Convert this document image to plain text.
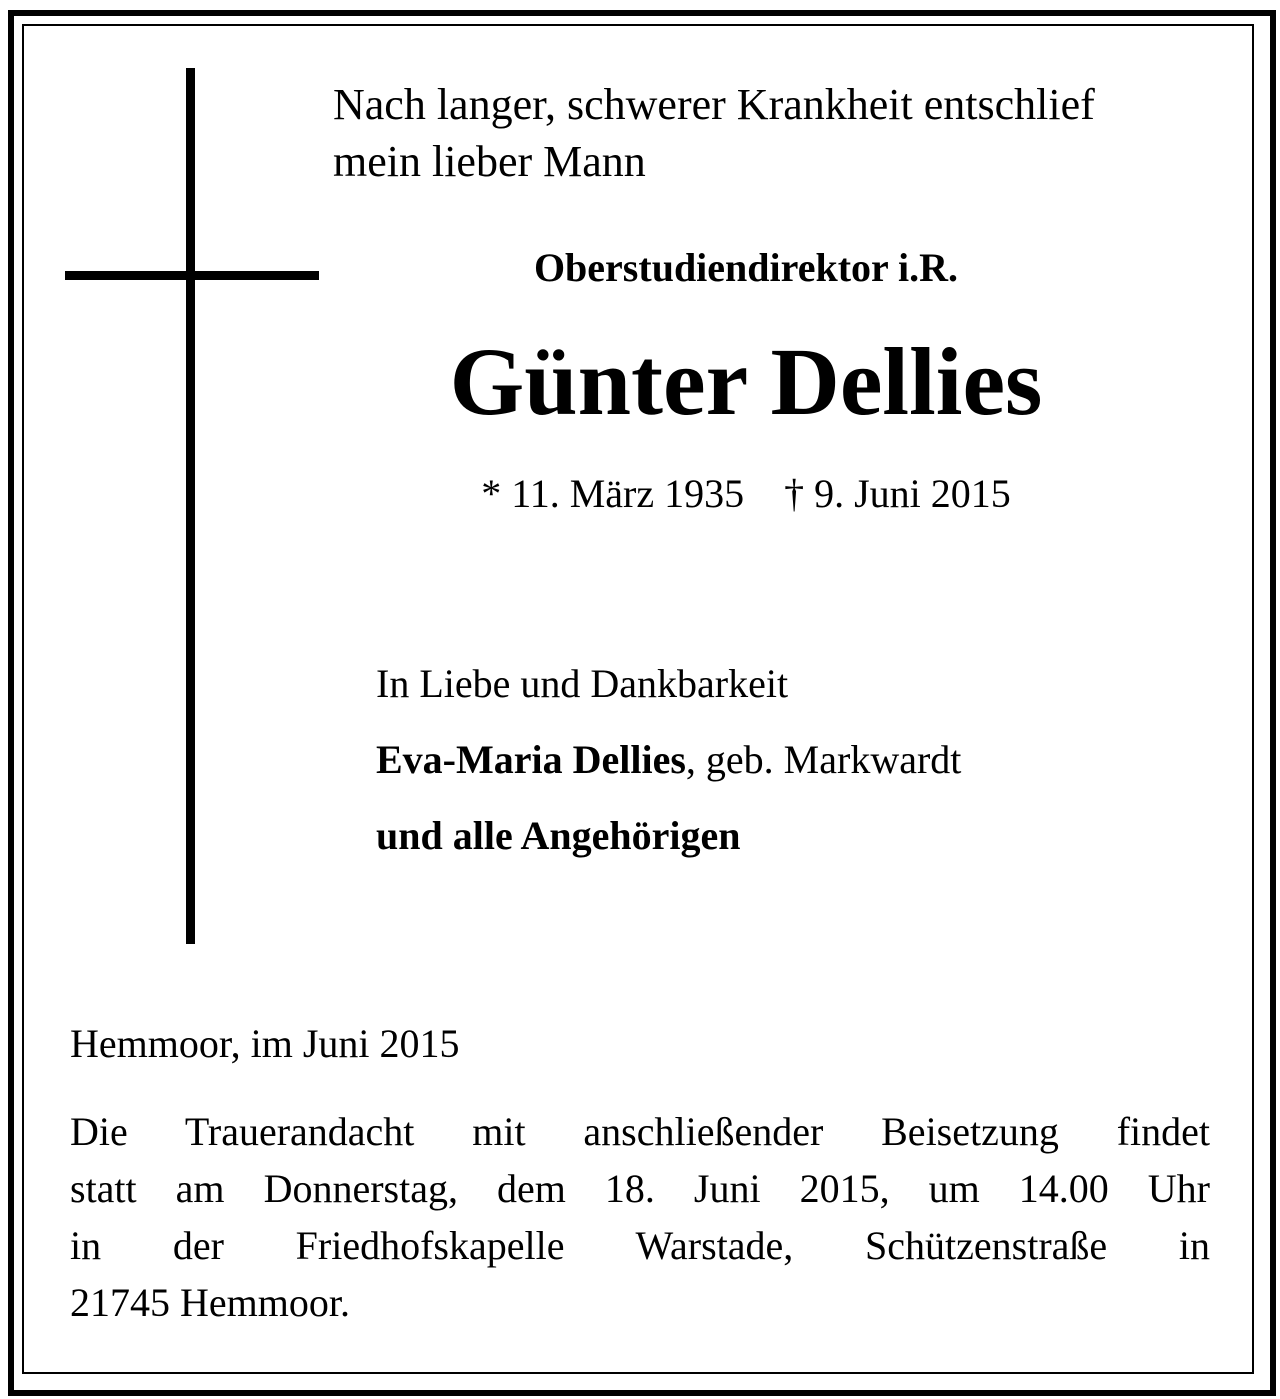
Nach langer, schwerer Krankheit entschlief
mein lieber Mann
Oberstudiendirektor i.R.
Günter Dellies
* 11. März 1935 † 9. Juni 2015
In Liebe und Dankbarkeit
Eva-Maria Dellies, geb. Markwardt
und alle Angehörigen
Hemmoor, im Juni 2015
Die Trauerandacht mit anschließender Beisetzung findet
statt am Donnerstag, dem 18. Juni 2015, um 14.00 Uhr
in der Friedhofskapelle Warstade, Schützenstraße in
21745 Hemmoor.
